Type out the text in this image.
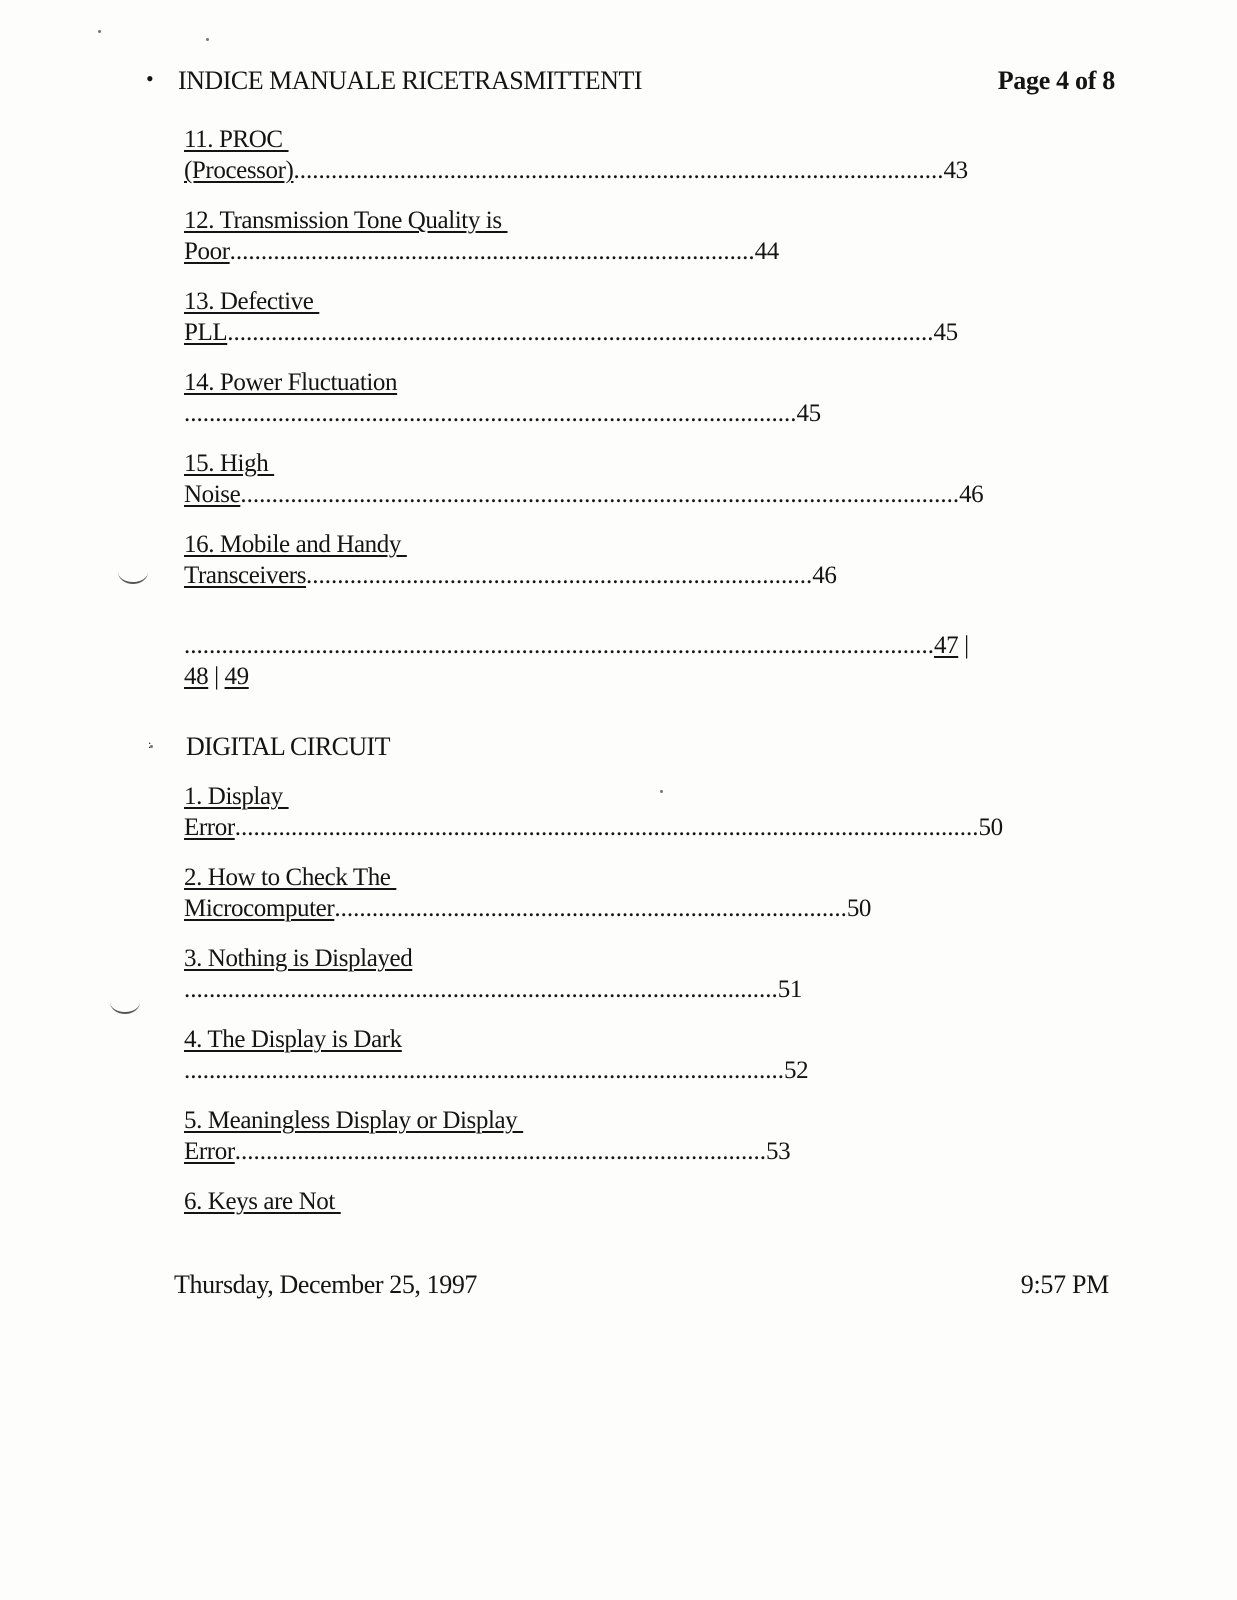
• INDICE MANUALE RICETRASMITTENTI	Page 4 of 8
11. PROC
(Processor)........................................................................................................43
12. Transmission Tone Quality is
Poor....................................................................................44
13. Defective
PLL.................................................................................................................45
14. Power Fluctuation
..................................................................................................45
15. High
Noise...................................................................................................................46
16. Mobile and Handy
Transceivers.................................................................................46
........................................................................................................................47 |
48 | 49
: DIGITAL CIRCUIT
1. Display
Error.......................................................................................................................50
2. How to Check The
Microcomputer..................................................................................50
3. Nothing is Displayed
...............................................................................................51
4. The Display is Dark
................................................................................................52
5. Meaningless Display or Display
Error.....................................................................................53
6. Keys are Not
Thursday, December 25, 1997	9:57 PM
